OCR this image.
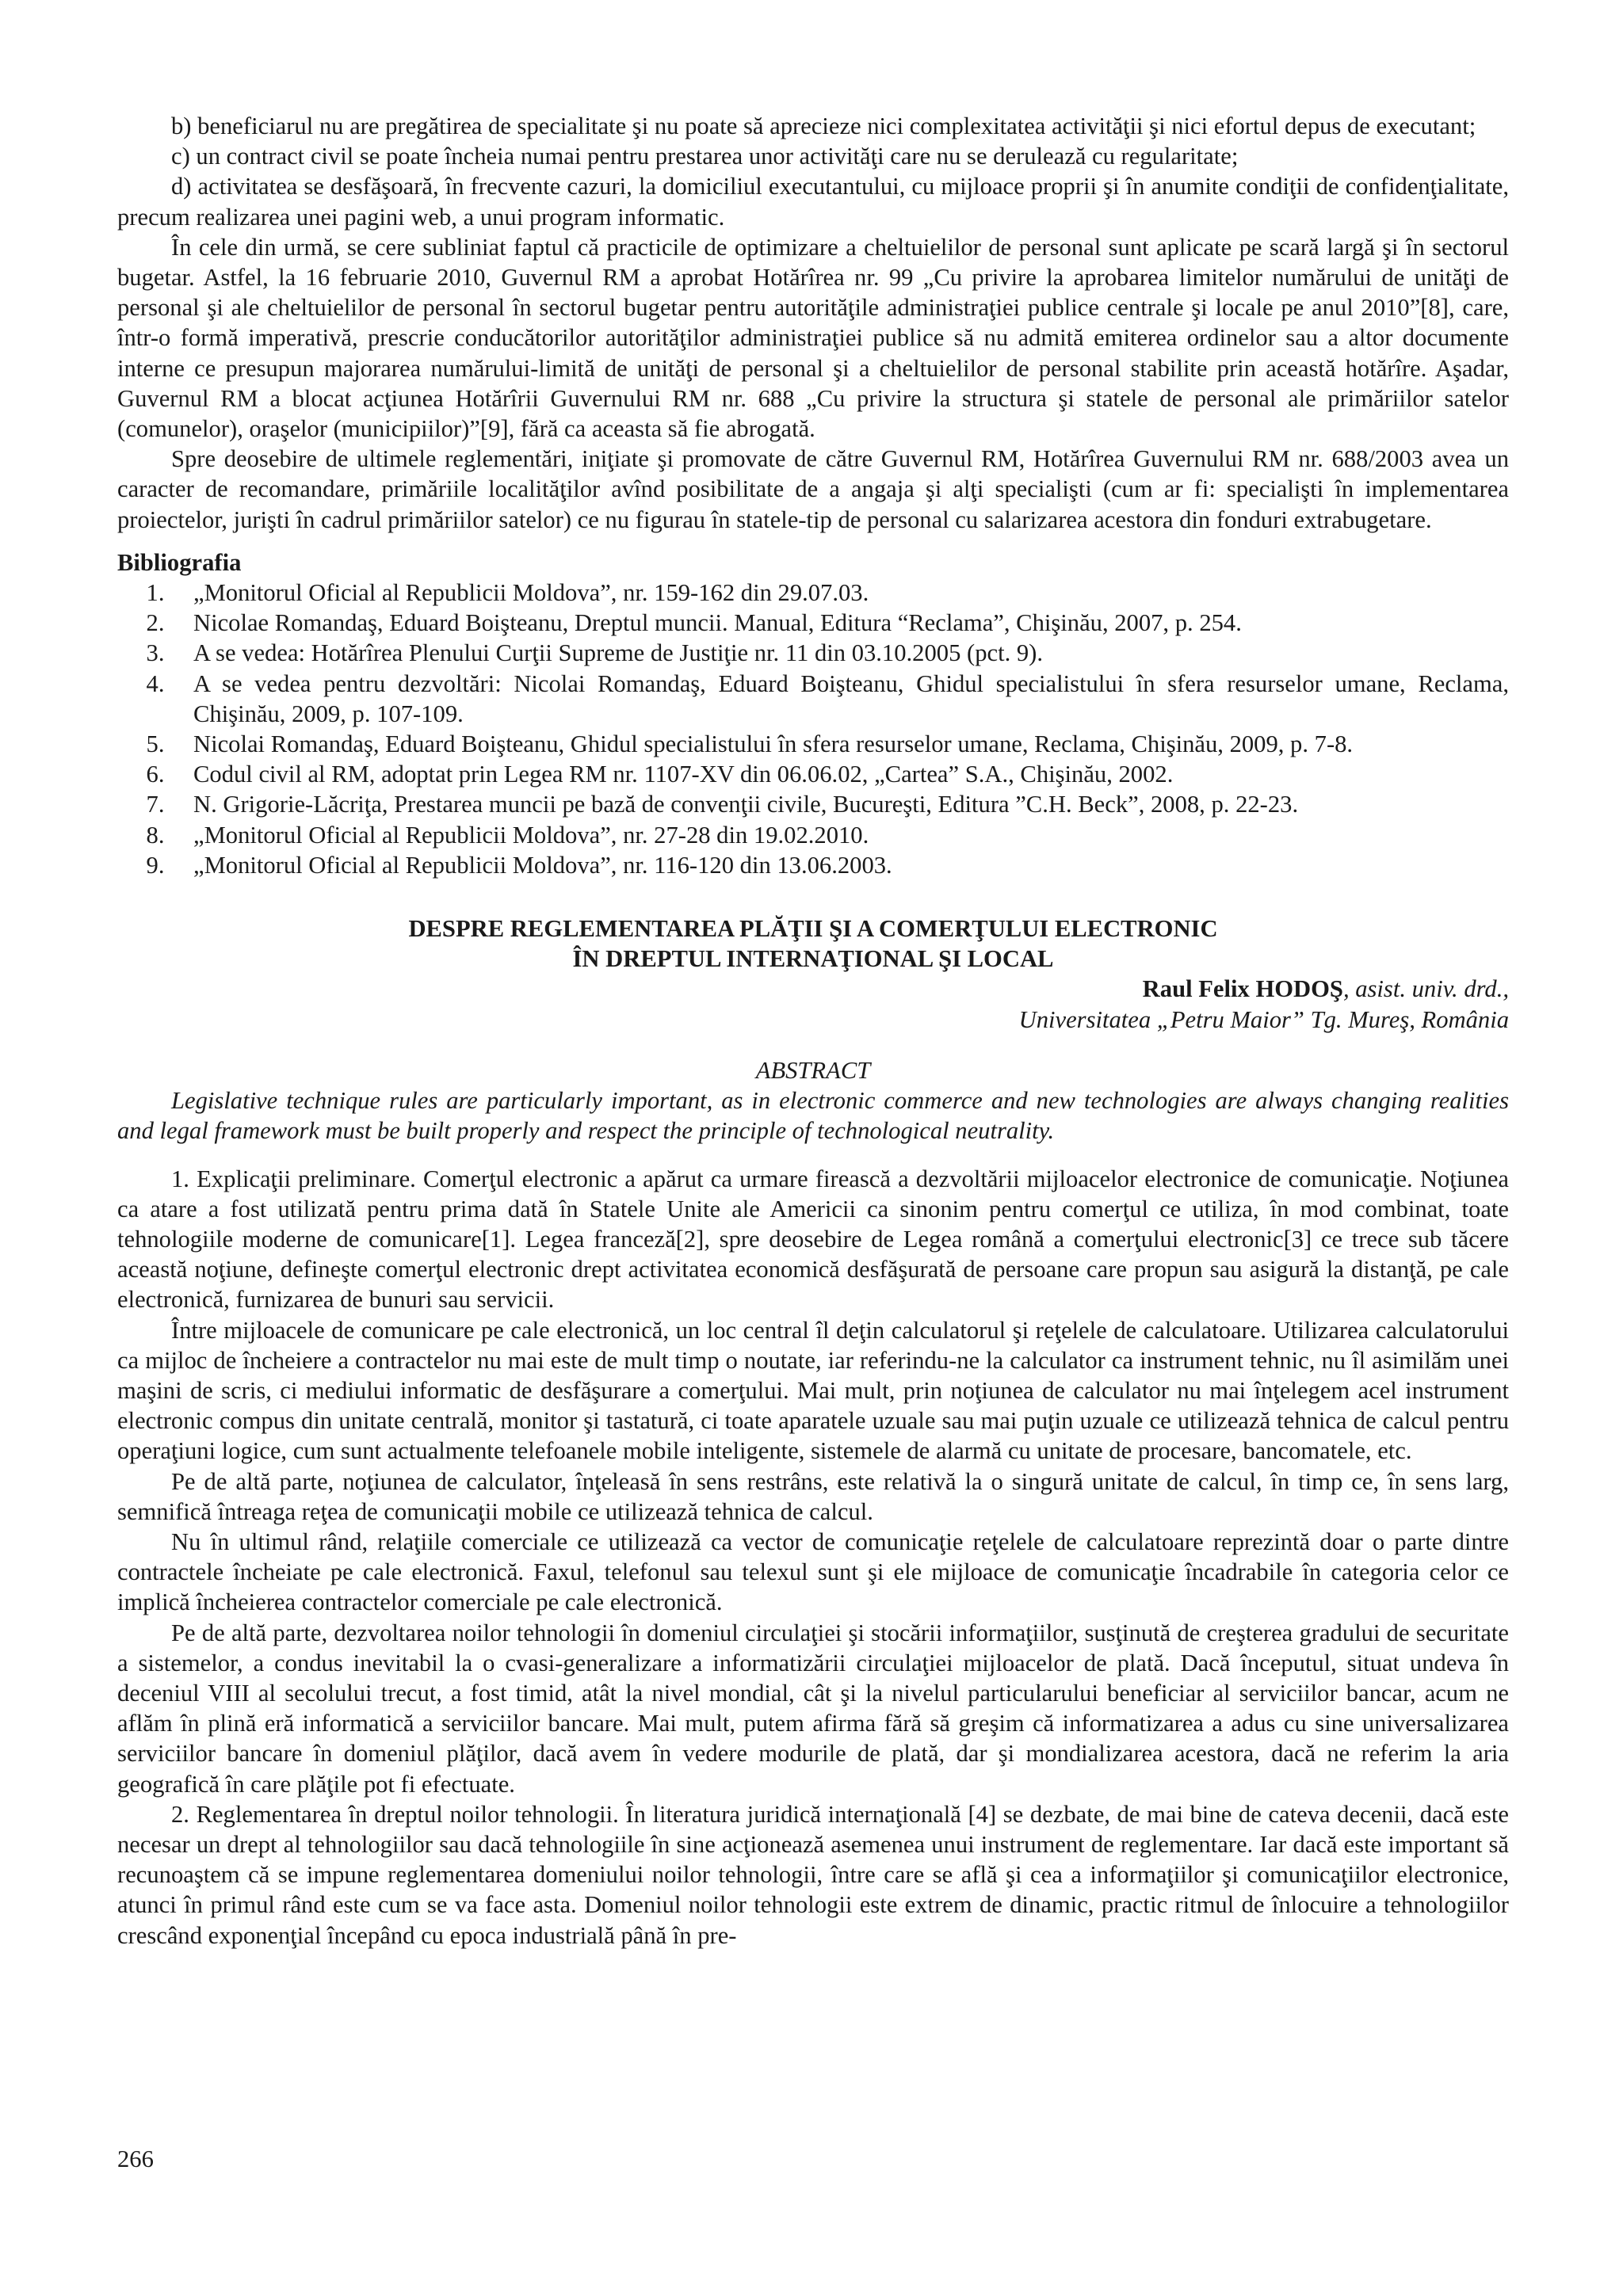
b) beneficiarul nu are pregătirea de specialitate şi nu poate să aprecieze nici complexitatea activităţii şi nici efortul depus de executant;

c) un contract civil se poate încheia numai pentru prestarea unor activităţi care nu se derulează cu regularitate;

d) activitatea se desfăşoară, în frecvente cazuri, la domiciliul executantului, cu mijloace proprii şi în anumite condiţii de confidenţialitate, precum realizarea unei pagini web, a unui program informatic.

În cele din urmă, se cere subliniat faptul că practicile de optimizare a cheltuielilor de personal sunt aplicate pe scară largă şi în sectorul bugetar. Astfel, la 16 februarie 2010, Guvernul RM a aprobat Hotărîrea nr. 99 „Cu privire la aprobarea limitelor numărului de unităţi de personal şi ale cheltuielilor de personal în sectorul bugetar pentru autorităţile administraţiei publice centrale şi locale pe anul 2010”[8], care, într-o formă imperativă, prescrie conducătorilor autorităţilor administraţiei publice să nu admită emiterea ordinelor sau a altor documente interne ce presupun majorarea numărului-limită de unităţi de personal şi a cheltuielilor de personal stabilite prin această hotărîre. Aşadar, Guvernul RM a blocat acţiunea Hotărîrii Guvernului RM nr. 688 „Cu privire la structura şi statele de personal ale primăriilor satelor (comunelor), oraşelor (municipiilor)”[9], fără ca aceasta să fie abrogată.

Spre deosebire de ultimele reglementări, iniţiate şi promovate de către Guvernul RM, Hotărîrea Guvernului RM nr. 688/2003 avea un caracter de recomandare, primăriile localităţilor avînd posibilitate de a angaja şi alţi specialişti (cum ar fi: specialişti în implementarea proiectelor, jurişti în cadrul primăriilor satelor) ce nu figurau în statele-tip de personal cu salarizarea acestora din fonduri extrabugetare.

Bibliografia
1.	„Monitorul Oficial al Republicii Moldova”, nr. 159-162 din 29.07.03.
2.	Nicolae Romandaş, Eduard Boişteanu, Dreptul muncii. Manual, Editura “Reclama”, Chişinău, 2007, p. 254.
3.	A se vedea: Hotărîrea Plenului Curţii Supreme de Justiţie nr. 11 din 03.10.2005 (pct. 9).
4.	A se vedea pentru dezvoltări: Nicolai Romandaş, Eduard Boişteanu, Ghidul specialistului în sfera resurselor umane, Reclama, Chişinău, 2009, p. 107-109.
5.	Nicolai Romandaş, Eduard Boişteanu, Ghidul specialistului în sfera resurselor umane, Reclama, Chişinău, 2009, p. 7-8.
6.	Codul civil al RM, adoptat prin Legea RM nr. 1107-XV din 06.06.02, „Cartea” S.A., Chişinău, 2002.
7.	N. Grigorie-Lăcriţa, Prestarea muncii pe bază de convenţii civile, Bucureşti, Editura ”C.H. Beck”, 2008, p. 22-23.
8.	„Monitorul Oficial al Republicii Moldova”, nr. 27-28 din 19.02.2010.
9.	„Monitorul Oficial al Republicii Moldova”, nr. 116-120 din 13.06.2003.
DESPRE REGLEMENTAREA PLĂŢII ŞI A COMERŢULUI ELECTRONIC
ÎN DREPTUL INTERNAŢIONAL ŞI LOCAL
Raul Felix HODOŞ, asist. univ. drd.,
Universitatea „Petru Maior” Tg. Mureş, România
ABSTRACT

Legislative technique rules are particularly important, as in electronic commerce and new technologies are always changing realities and legal framework must be built properly and respect the principle of technological neutrality.

1. Explicaţii preliminare. Comerţul electronic a apărut ca urmare firească a dezvoltării mijloacelor electronice de comunicaţie. Noţiunea ca atare a fost utilizată pentru prima dată în Statele Unite ale Americii ca sinonim pentru comerţul ce utiliza, în mod combinat, toate tehnologiile moderne de comunicare[1]. Legea franceză[2], spre deosebire de Legea română a comerţului electronic[3] ce trece sub tăcere această noţiune, defineşte comerţul electronic drept activitatea economică desfăşurată de persoane care propun sau asigură la distanţă, pe cale electronică, furnizarea de bunuri sau servicii.

Între mijloacele de comunicare pe cale electronică, un loc central îl deţin calculatorul şi reţelele de calculatoare. Utilizarea calculatorului ca mijloc de încheiere a contractelor nu mai este de mult timp o noutate, iar referindu-ne la calculator ca instrument tehnic, nu îl asimilăm unei maşini de scris, ci mediului informatic de desfăşurare a comerţului. Mai mult, prin noţiunea de calculator nu mai înţelegem acel instrument electronic compus din unitate centrală, monitor şi tastatură, ci toate aparatele uzuale sau mai puţin uzuale ce utilizează tehnica de calcul pentru operaţiuni logice, cum sunt actualmente telefoanele mobile inteligente, sistemele de alarmă cu unitate de procesare, bancomatele, etc.

Pe de altă parte, noţiunea de calculator, înţeleasă în sens restrâns, este relativă la o singură unitate de calcul, în timp ce, în sens larg, semnifică întreaga reţea de comunicaţii mobile ce utilizează tehnica de calcul.

Nu în ultimul rând, relaţiile comerciale ce utilizează ca vector de comunicaţie reţelele de calculatoare reprezintă doar o parte dintre contractele încheiate pe cale electronică. Faxul, telefonul sau telexul sunt şi ele mijloace de comunicaţie încadrabile în categoria celor ce implică încheierea contractelor comerciale pe cale electronică.

Pe de altă parte, dezvoltarea noilor tehnologii în domeniul circulaţiei şi stocării informaţiilor, susţinută de creşterea gradului de securitate a sistemelor, a condus inevitabil la o cvasi-generalizare a informatizării circulaţiei mijloacelor de plată. Dacă începutul, situat undeva în deceniul VIII al secolului trecut, a fost timid, atât la nivel mondial, cât şi la nivelul particularului beneficiar al serviciilor bancar, acum ne aflăm în plină eră informatică a serviciilor bancare. Mai mult, putem afirma fără să greşim că informatizarea a adus cu sine universalizarea serviciilor bancare în domeniul plăţilor, dacă avem în vedere modurile de plată, dar şi mondializarea acestora, dacă ne referim la aria geografică în care plăţile pot fi efectuate.

2. Reglementarea în dreptul noilor tehnologii. În literatura juridică internaţională [4] se dezbate, de mai bine de cateva decenii, dacă este necesar un drept al tehnologiilor sau dacă tehnologiile în sine acţionează asemenea unui instrument de reglementare. Iar dacă este important să recunoaştem că se impune reglementarea domeniului noilor tehnologii, între care se află şi cea a informaţiilor şi comunicaţiilor electronice, atunci în primul rând este cum se va face asta. Domeniul noilor tehnologii este extrem de dinamic, practic ritmul de înlocuire a tehnologiilor crescând exponenţial începând cu epoca industrială până în pre-

266
